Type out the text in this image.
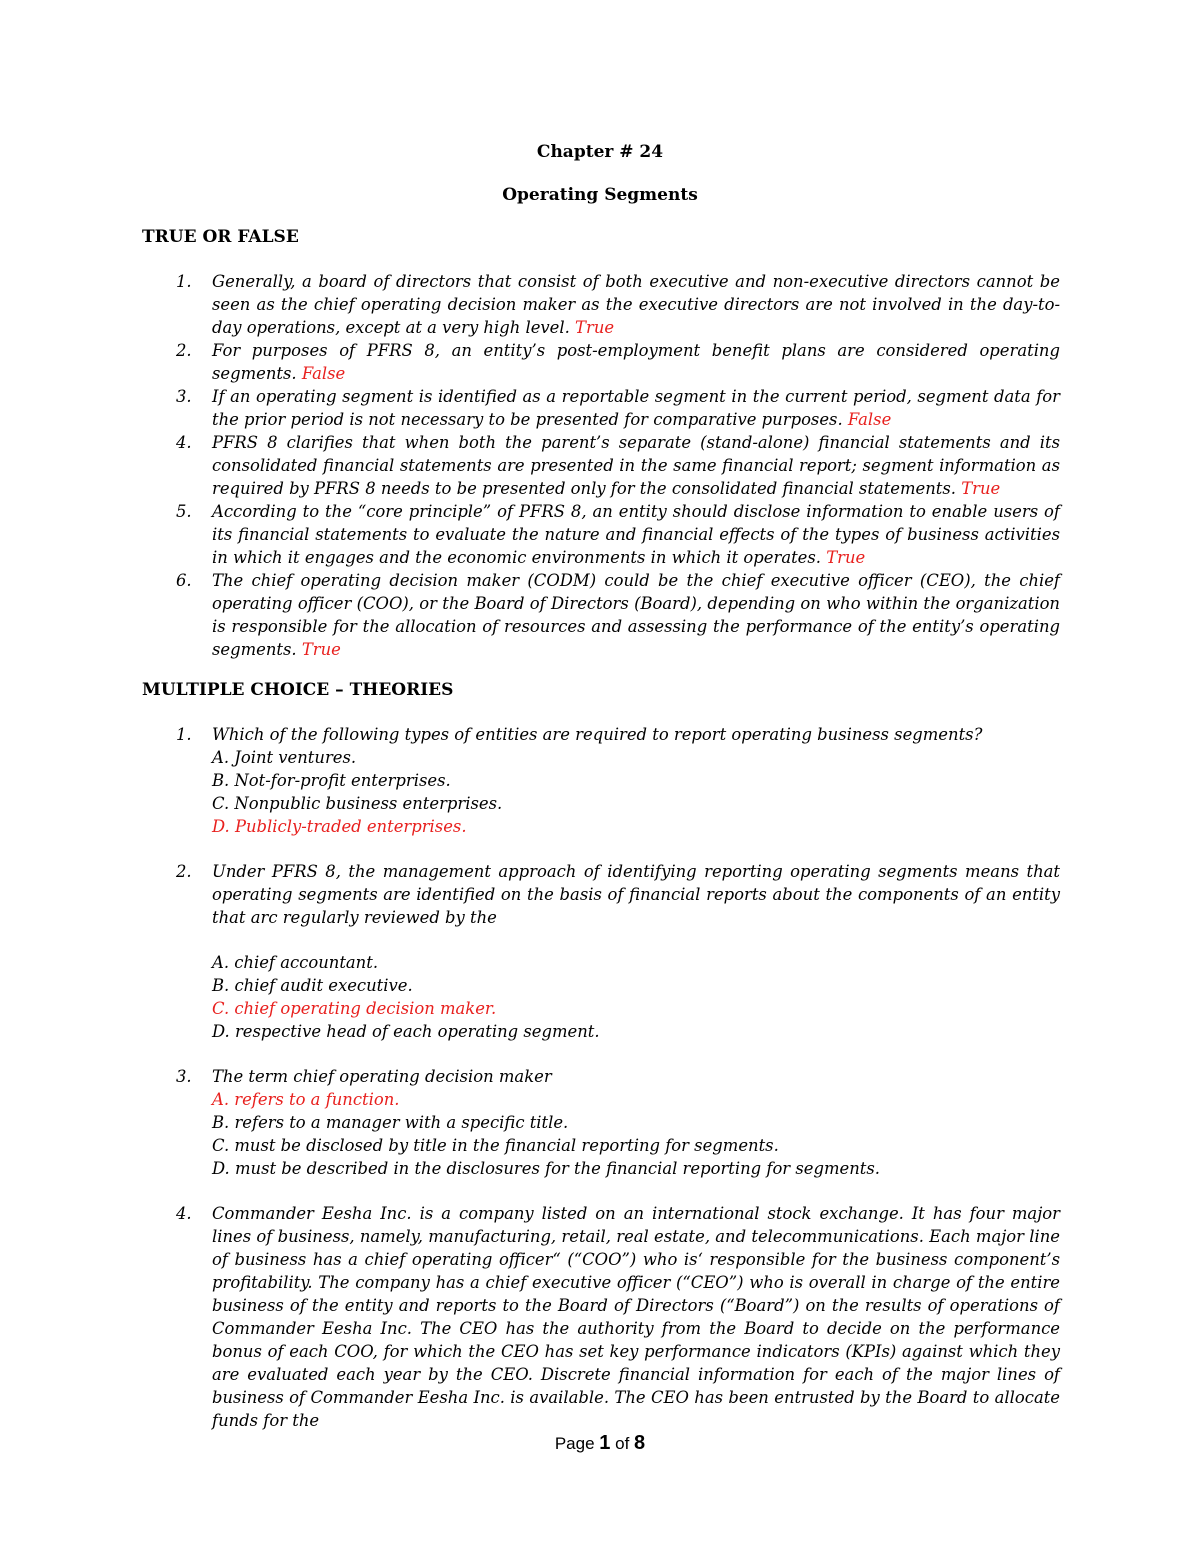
Chapter # 24
Operating Segments
TRUE OR FALSE
1. Generally, a board of directors that consist of both executive and non-executive directors cannot be seen as the chief operating decision maker as the executive directors are not involved in the day-to-day operations, except at a very high level. True

2. For purposes of PFRS 8, an entity’s post-employment benefit plans are considered operating segments. False

3. If an operating segment is identified as a reportable segment in the current period, segment data for the prior period is not necessary to be presented for comparative purposes. False

4. PFRS 8 clarifies that when both the parent’s separate (stand-alone) financial statements and its consolidated financial statements are presented in the same financial report; segment information as required by PFRS 8 needs to be presented only for the consolidated financial statements. True

5. According to the “core principle” of PFRS 8, an entity should disclose information to enable users of its financial statements to evaluate the nature and financial effects of the types of business activities in which it engages and the economic environments in which it operates. True

6. The chief operating decision maker (CODM) could be the chief executive officer (CEO), the chief operating officer (COO), or the Board of Directors (Board), depending on who within the organization is responsible for the allocation of resources and assessing the performance of the entity’s operating segments. True

MULTIPLE CHOICE – THEORIES
1. Which of the following types of entities are required to report operating business segments?

A. Joint ventures.

B. Not-for-profit enterprises.

C. Nonpublic business enterprises.

D. Publicly-traded enterprises.

2. Under PFRS 8, the management approach of identifying reporting operating segments means that operating segments are identified on the basis of financial reports about the components of an entity that arc regularly reviewed by the

A. chief accountant.

B. chief audit executive.

C. chief operating decision maker.

D. respective head of each operating segment.

3. The term chief operating decision maker

A. refers to a function.

B. refers to a manager with a specific title.

C. must be disclosed by title in the financial reporting for segments.

D. must be described in the disclosures for the financial reporting for segments.

4. Commander Eesha Inc. is a company listed on an international stock exchange. It has four major lines of business, namely, manufacturing, retail, real estate, and telecommunications. Each major line of business has a chief operating officer“ (“COO”) who is‘ responsible for the business component’s profitability. The company has a chief executive officer (“CEO”) who is overall in charge of the entire business of the entity and reports to the Board of Directors (“Board”) on the results of operations of Commander Eesha Inc. The CEO has the authority from the Board to decide on the performance bonus of each COO, for which the CEO has set key performance indicators (KPIs) against which they are evaluated each year by the CEO. Discrete financial information for each of the major lines of business of Commander Eesha Inc. is available. The CEO has been entrusted by the Board to allocate funds for the

Page 1 of 8
